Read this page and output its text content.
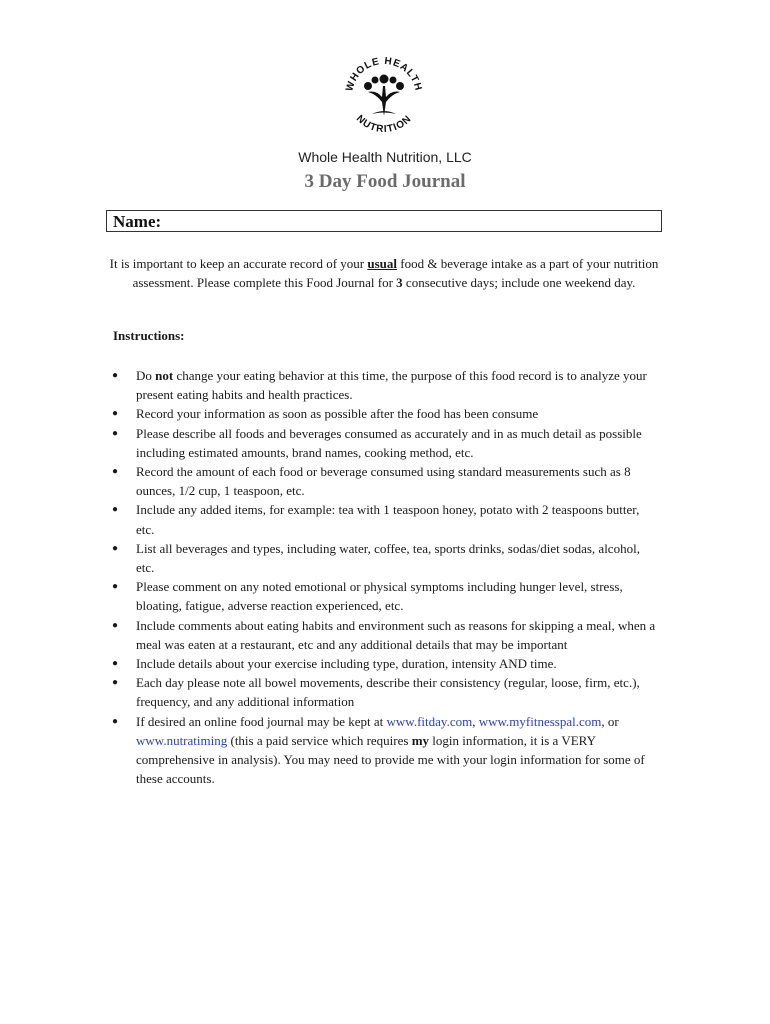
WHOLE HEALTH
NUTRITION
Whole Health Nutrition, LLC
3 Day Food Journal
Name:
It is important to keep an accurate record of your usual food & beverage intake as a part of your nutrition assessment. Please complete this Food Journal for 3 consecutive days; include one weekend day.
Instructions:
● Do not change your eating behavior at this time, the purpose of this food record is to analyze your present eating habits and health practices.
● Record your information as soon as possible after the food has been consume
● Please describe all foods and beverages consumed as accurately and in as much detail as possible including estimated amounts, brand names, cooking method, etc.
● Record the amount of each food or beverage consumed using standard measurements such as 8 ounces, 1/2 cup, 1 teaspoon, etc.
● Include any added items, for example: tea with 1 teaspoon honey, potato with 2 teaspoons butter, etc.
● List all beverages and types, including water, coffee, tea, sports drinks, sodas/diet sodas, alcohol, etc.
● Please comment on any noted emotional or physical symptoms including hunger level, stress, bloating, fatigue, adverse reaction experienced, etc.
● Include comments about eating habits and environment such as reasons for skipping a meal, when a meal was eaten at a restaurant, etc and any additional details that may be important
● Include details about your exercise including type, duration, intensity AND time.
● Each day please note all bowel movements, describe their consistency (regular, loose, firm, etc.), frequency, and any additional information
● If desired an online food journal may be kept at www.fitday.com, www.myfitnesspal.com, or www.nutratiming (this a paid service which requires my login information, it is a VERY comprehensive in analysis). You may need to provide me with your login information for some of these accounts.
